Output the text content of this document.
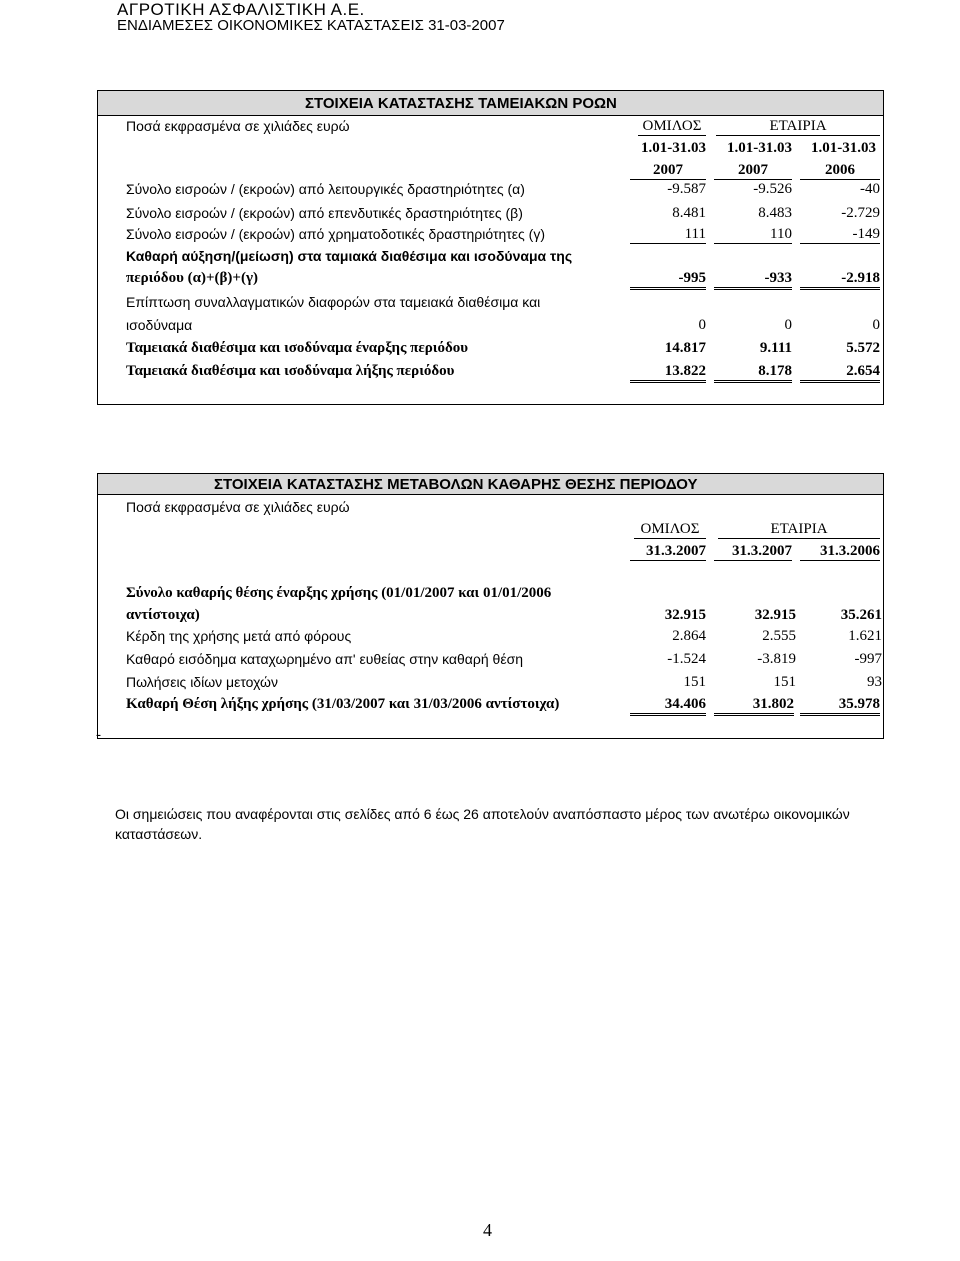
ΑΓΡΟΤΙΚΗ ΑΣΦΑΛΙΣΤΙΚΗ Α.Ε.
ΕΝΔΙΑΜΕΣΕΣ ΟΙΚΟΝΟΜΙΚΕΣ ΚΑΤΑΣΤΑΣΕΙΣ 31-03-2007
ΣΤΟΙΧΕΙΑ ΚΑΤΑΣΤΑΣΗΣ ΤΑΜΕΙΑΚΩΝ ΡΟΩΝ
Ποσά εκφρασμένα σε χιλιάδες ευρώ	ΟΜΙΛΟΣ	ΕΤΑΙΡΙΑ
1.01-31.03	1.01-31.03	1.01-31.03
2007	2007	2006
Σύνολο εισροών / (εκροών) από λειτουργικές δραστηριότητες (α)	-9.587	-9.526	-40
Σύνολο εισροών / (εκροών) από επενδυτικές δραστηριότητες (β)	8.481	8.483	-2.729
Σύνολο εισροών / (εκροών) από χρηματοδοτικές δραστηριότητες (γ)	111	110	-149
Καθαρή αύξηση/(μείωση) στα ταμιακά διαθέσιμα και ισοδύναμα της
περιόδου (α)+(β)+(γ)	-995	-933	-2.918
Επίπτωση συναλλαγματικών διαφορών στα ταμειακά διαθέσιμα και
ισοδύναμα	0	0	0
Ταμειακά διαθέσιμα και ισοδύναμα έναρξης περιόδου	14.817	9.111	5.572
Ταμειακά διαθέσιμα και ισοδύναμα λήξης περιόδου	13.822	8.178	2.654
ΣΤΟΙΧΕΙΑ ΚΑΤΑΣΤΑΣΗΣ ΜΕΤΑΒΟΛΩΝ ΚΑΘΑΡΗΣ ΘΕΣΗΣ ΠΕΡΙΟΔΟΥ
Ποσά εκφρασμένα σε χιλιάδες ευρώ
ΟΜΙΛΟΣ	ΕΤΑΙΡΙΑ
31.3.2007	31.3.2007	31.3.2006
Σύνολο καθαρής θέσης έναρξης χρήσης (01/01/2007 και 01/01/2006
αντίστοιχα)	32.915	32.915	35.261
Κέρδη της χρήσης μετά από φόρους	2.864	2.555	1.621
Καθαρό εισόδημα καταχωρημένο απ' ευθείας στην καθαρή θέση	-1.524	-3.819	-997
Πωλήσεις ιδίων μετοχών	151	151	93
Καθαρή Θέση λήξης χρήσης (31/03/2007 και 31/03/2006 αντίστοιχα)	34.406	31.802	35.978
-
Οι σημειώσεις που αναφέρονται στις σελίδες από 6 έως 26 αποτελούν αναπόσπαστο μέρος των ανωτέρω οικονομικών
καταστάσεων.
4
